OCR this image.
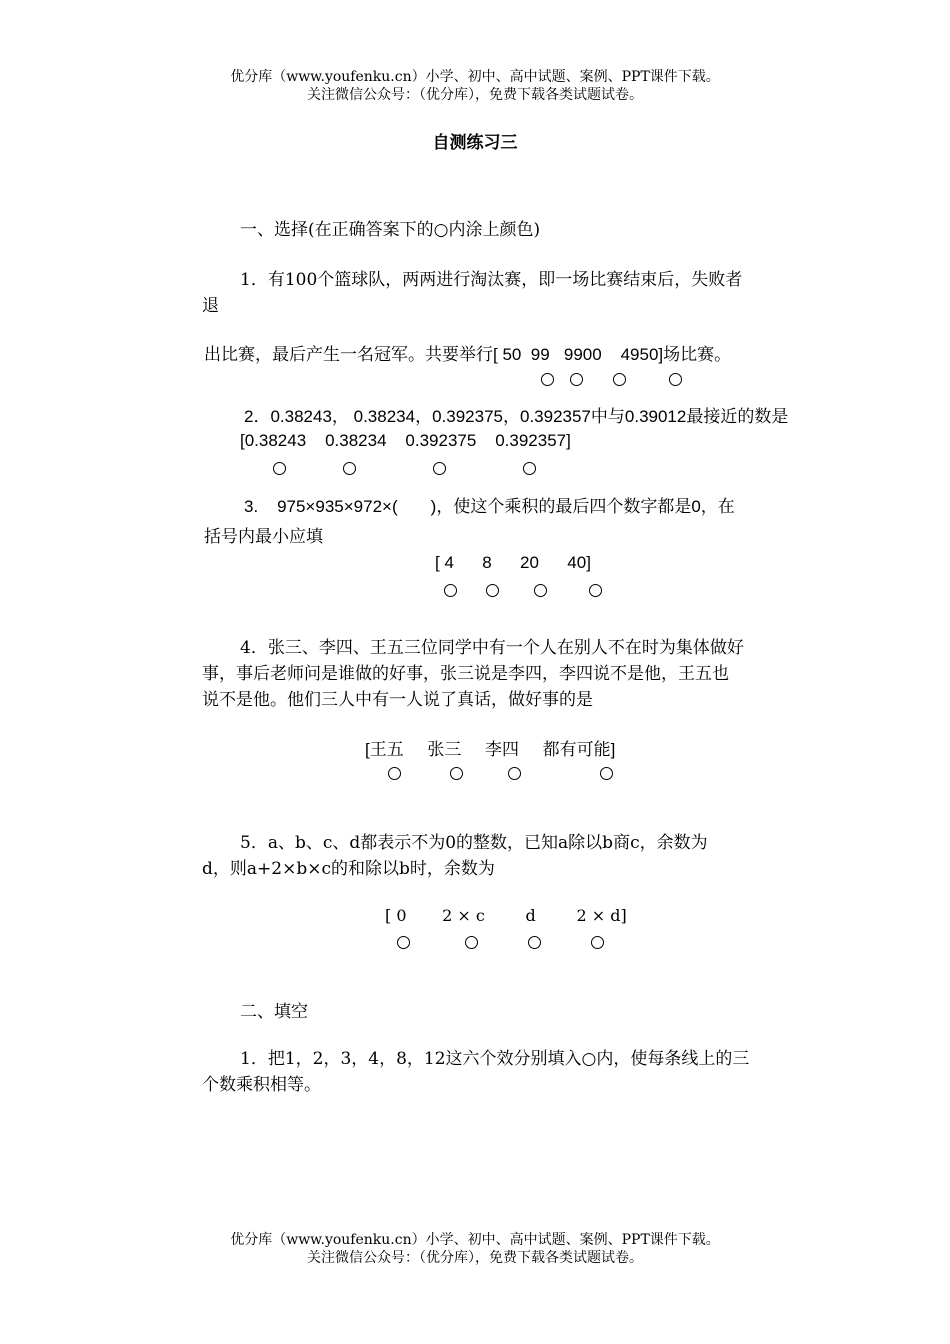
优分库（www.youfenku.cn）小学、初中、高中试题、案例、PPT课件下载。
关注微信公众号：（优分库），免费下载各类试题试卷。
自测练习三
一、选择(在正确答案下的○内涂上颜色)
1．有100个篮球队，两两进行淘汰赛，即一场比赛结束后，失败者
退
出比赛，最后产生一名冠军。共要举行[ 50  99   9900    4950]场比赛。
2．0.38243， 0.38234，0.392375，0.392357中与0.39012最接近的数是
[0.38243    0.38234    0.392375    0.392357]
3.    975×935×972×(       )，使这个乘积的最后四个数字都是0，在
括号内最小应填
[ 4      8      20      40]
4．张三、李四、王五三位同学中有一个人在别人不在时为集体做好
事，事后老师问是谁做的好事，张三说是李四，李四说不是他，王五也
说不是他。他们三人中有一人说了真话，做好事的是
[王五     张三     李四     都有可能]
5．a、b、c、d都表示不为0的整数，已知a除以b商c，余数为
d，则a+2×b×c的和除以b时，余数为
[ 0       2 × c        d        2 × d]
二、填空
1．把1，2，3，4，8，12这六个效分别填入○内，使每条线上的三
个数乘积相等。
优分库（www.youfenku.cn）小学、初中、高中试题、案例、PPT课件下载。
关注微信公众号：（优分库），免费下载各类试题试卷。
